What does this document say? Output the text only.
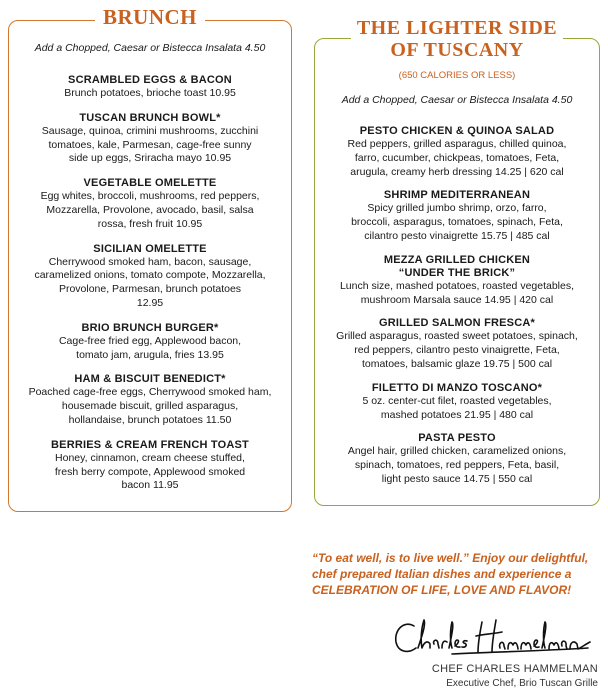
BRUNCH
Add a Chopped, Caesar or Bistecca Insalata 4.50
SCRAMBLED EGGS & BACON
Brunch potatoes, brioche toast 10.95
TUSCAN BRUNCH BOWL*
Sausage, quinoa, crimini mushrooms, zucchini
tomatoes, kale, Parmesan, cage-free sunny
side up eggs, Sriracha mayo 10.95
VEGETABLE OMELETTE
Egg whites, broccoli, mushrooms, red peppers,
Mozzarella, Provolone, avocado, basil, salsa
rossa, fresh fruit 10.95
SICILIAN OMELETTE
Cherrywood smoked ham, bacon, sausage,
caramelized onions, tomato compote, Mozzarella,
Provolone, Parmesan, brunch potatoes
12.95
BRIO BRUNCH BURGER*
Cage-free fried egg, Applewood bacon,
tomato jam, arugula, fries 13.95
HAM & BISCUIT BENEDICT*
Poached cage-free eggs, Cherrywood smoked ham,
housemade biscuit, grilled asparagus,
hollandaise, brunch potatoes 11.50
BERRIES & CREAM FRENCH TOAST
Honey, cinnamon, cream cheese stuffed,
fresh berry compote, Applewood smoked
bacon 11.95
THE LIGHTER SIDE
OF TUSCANY
(650 CALORIES OR LESS)
Add a Chopped, Caesar or Bistecca Insalata 4.50
PESTO CHICKEN & QUINOA SALAD
Red peppers, grilled asparagus, chilled quinoa,
farro, cucumber, chickpeas, tomatoes, Feta,
arugula, creamy herb dressing 14.25 | 620 cal
SHRIMP MEDITERRANEAN
Spicy grilled jumbo shrimp, orzo, farro,
broccoli, asparagus, tomatoes, spinach, Feta,
cilantro pesto vinaigrette 15.75 | 485 cal
MEZZA GRILLED CHICKEN
“UNDER THE BRICK”
Lunch size, mashed potatoes, roasted vegetables,
mushroom Marsala sauce 14.95 | 420 cal
GRILLED SALMON FRESCA*
Grilled asparagus, roasted sweet potatoes, spinach,
red peppers, cilantro pesto vinaigrette, Feta,
tomatoes, balsamic glaze 19.75 | 500 cal
FILETTO DI MANZO TOSCANO*
5 oz. center-cut filet, roasted vegetables,
mashed potatoes 21.95 | 480 cal
PASTA PESTO
Angel hair, grilled chicken, caramelized onions,
spinach, tomatoes, red peppers, Feta, basil,
light pesto sauce 14.75 | 550 cal
“To eat well, is to live well.” Enjoy our delightful, chef prepared Italian dishes and experience a CELEBRATION OF LIFE, LOVE AND FLAVOR!
CHEF CHARLES HAMMELMAN
Executive Chef, Brio Tuscan Grille
